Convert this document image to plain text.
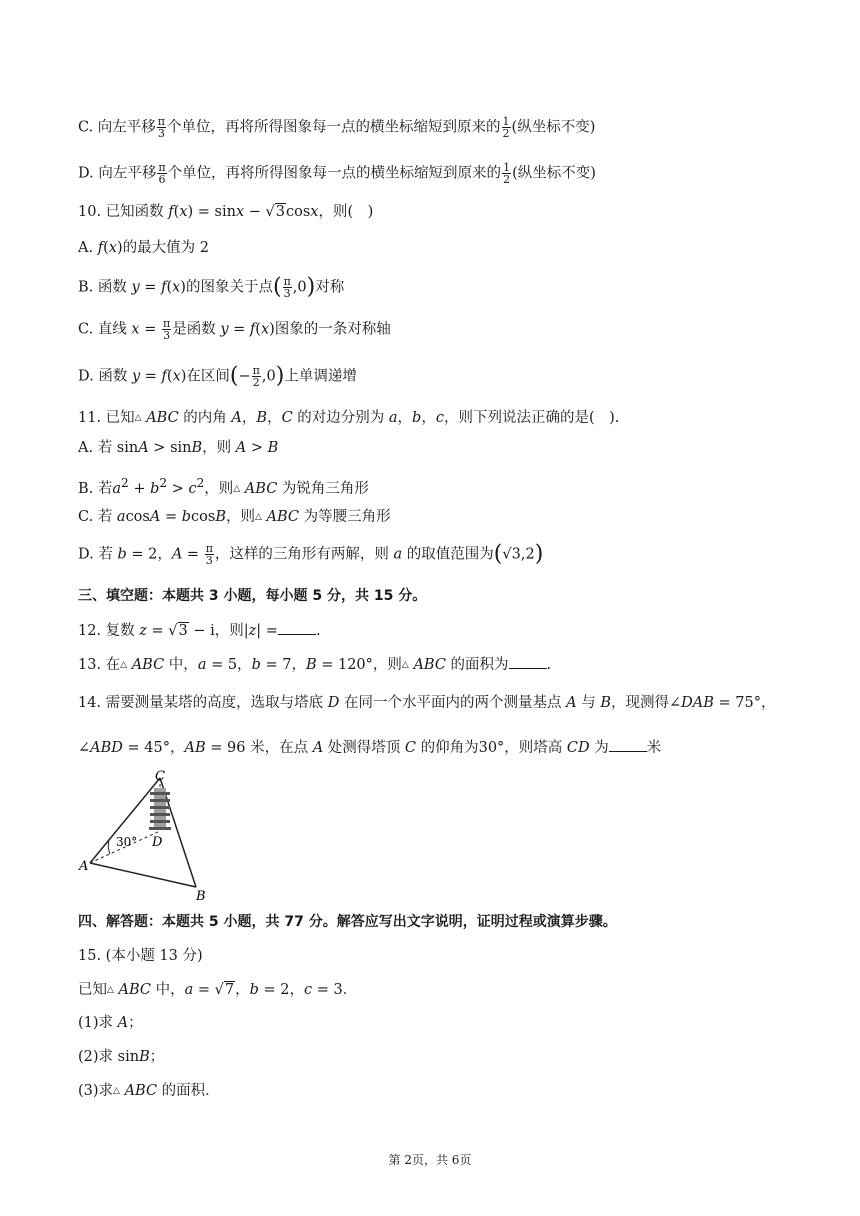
C. 向左平移 $\frac{\pi}{3}$ 个单位，再将所得图象每一点的横坐标缩短到原来的 $\frac{1}{2}$ (纵坐标不变)
D. 向左平移 $\frac{\pi}{6}$ 个单位，再将所得图象每一点的横坐标缩短到原来的 $\frac{1}{2}$ (纵坐标不变)
10. 已知函数 f(x) = sinx − √3cosx，则(　)
A. f(x)的最大值为 2
B. 函数 y = f(x)的图象关于点( $\frac{\pi}{3} ,0$)对称
C. 直线 $x = \frac{\pi}{3}$ 是函数 y = f(x)图象的一条对称轴
D. 函数 y = f(x)在区间(− $\frac{\pi}{2} ,0$)上单调递增
11. 已知△ ABC 的内角 A，B，C 的对边分别为 a，b，c，则下列说法正确的是(　).
A. 若 sinA > sinB，则 A > B
B. 若$a^2 + b^2 > c^2$，则△ ABC 为锐角三角形
C. 若 acosA = bcosB，则△ ABC 为等腰三角形
D. 若 b = 2，$A = \frac{\pi}{3}$ ，这样的三角形有两解，则 a 的取值范围为(√3,2)
三、填空题：本题共 3 小题，每小题 5 分，共 15 分。
12. 复数 z = √3 − i，则|z| =	.
13. 在△ ABC 中，a = 5，b = 7，B = 120°，则△ ABC 的面积为	.
14. 需要测量某塔的高度，选取与塔底 D 在同一个水平面内的两个测量基点 A 与 B，现测得∠DAB = 75°，
∠ABD = 45°，AB = 96 米，在点 A 处测得塔顶 C 的仰角为30°，则塔高 CD 为	米
30°
C
D
A
B
四、解答题：本题共 5 小题，共 77 分。解答应写出文字说明，证明过程或演算步骤。
15. (本小题 13 分)
已知△ ABC 中，a = √7，b = 2，c = 3．
(1)求 A；
(2)求 sinB；
(3)求△ ABC 的面积．
第 2页，共 6页
